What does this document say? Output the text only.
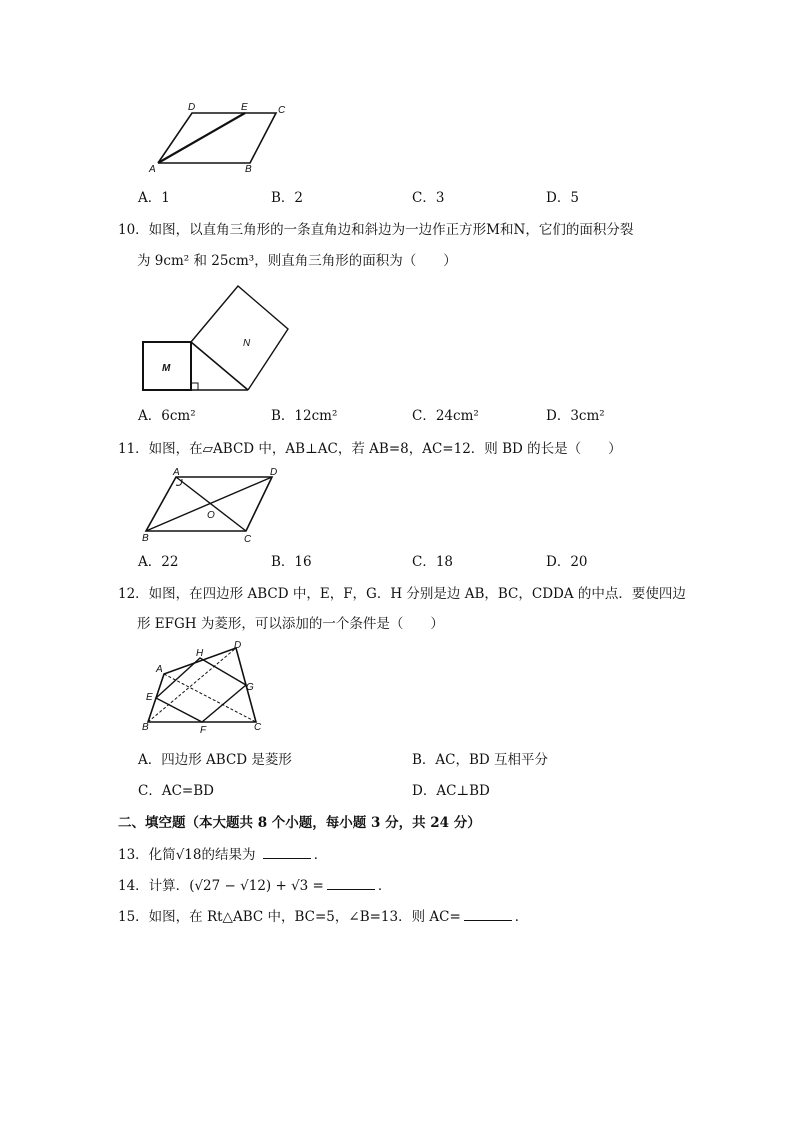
D	E	C
A	B
A．1	B．2	C．3	D．5
10．如图，以直角三角形的一条直角边和斜边为一边作正方形M和N，它们的面积分裂
为 9cm² 和 25cm³，则直角三角形的面积为（　　）
M
N
A．6cm²	B．12cm²	C．24cm²	D．3cm²
11．如图，在▱ABCD 中，AB⊥AC，若 AB=8，AC=12．则 BD 的长是（　　）
A	D
O
B	C
A．22	B．16	C．18	D．20
12．如图，在四边形 ABCD 中，E，F，G．H 分别是边 AB，BC，CDDA 的中点．要使四边
形 EFGH 为菱形，可以添加的一个条件是（　　）
D
H
A
G
E
B	F	C
A．四边形 ABCD 是菱形	B．AC，BD 互相平分
C．AC=BD	D．AC⊥BD
二、填空题（本大题共 8 个小题，每小题 3 分，共 24 分）
13．化简√18的结果为	．
14．计算．(√27 − √12) + √3 =	．
15．如图，在 Rt△ABC 中，BC=5，∠B=13．则 AC=	．
